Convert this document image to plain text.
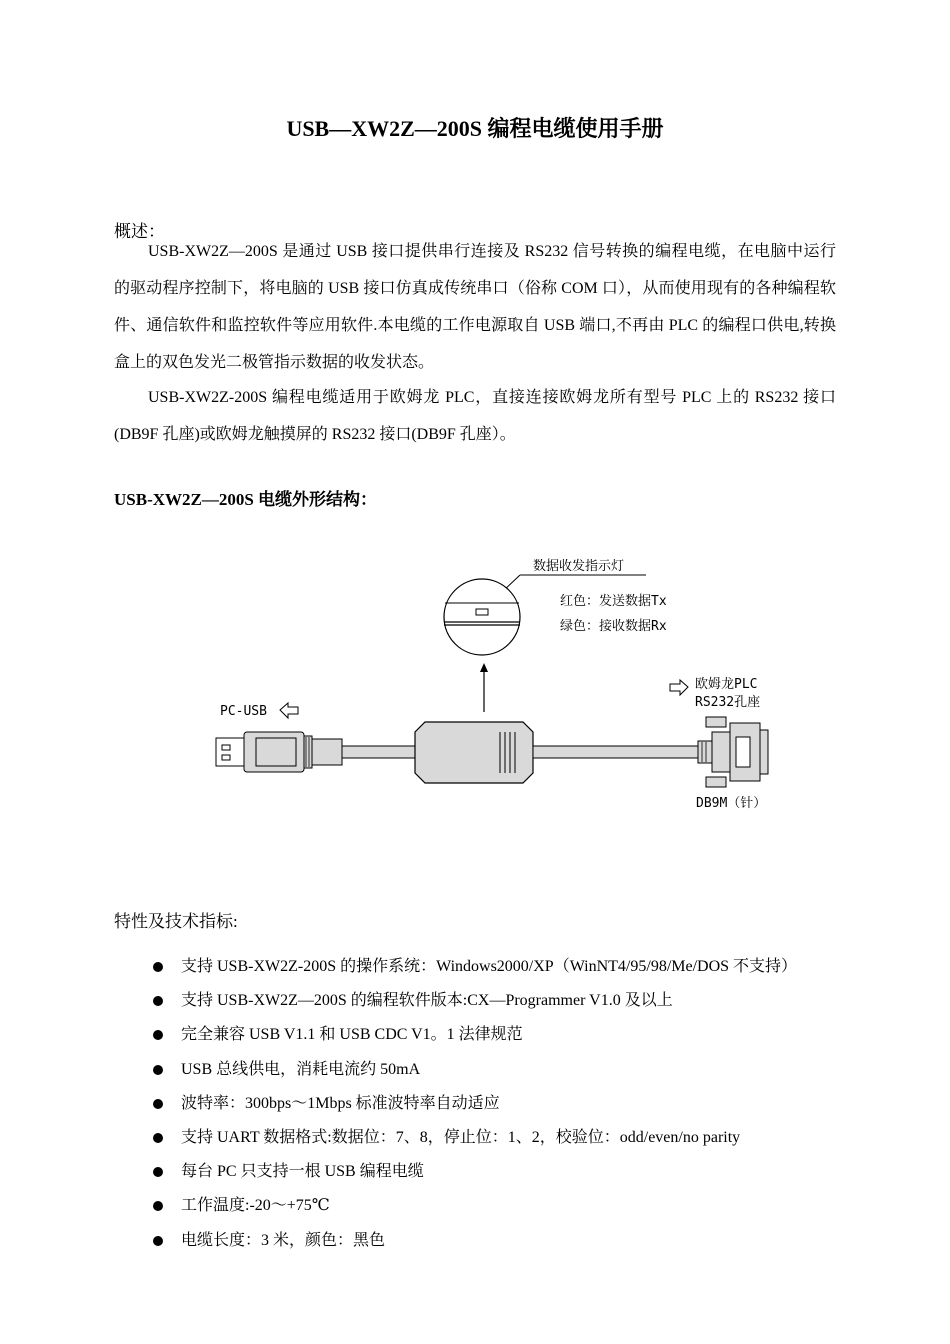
USB—XW2Z—200S 编程电缆使用手册
概述：

USB-XW2Z—200S 是通过 USB 接口提供串行连接及 RS232 信号转换的编程电缆，在电脑中运行的驱动程序控制下，将电脑的 USB 接口仿真成传统串口（俗称 COM 口），从而使用现有的各种编程软件、通信软件和监控软件等应用软件.本电缆的工作电源取自 USB 端口,不再由 PLC 的编程口供电,转换盒上的双色发光二极管指示数据的收发状态。

USB-XW2Z-200S 编程电缆适用于欧姆龙 PLC，直接连接欧姆龙所有型号 PLC 上的 RS232 接口(DB9F 孔座)或欧姆龙触摸屏的 RS232 接口(DB9F 孔座）。

USB-XW2Z—200S 电缆外形结构：
数据收发指示灯
红色：发送数据Tx
绿色：接收数据Rx
PC-USB
欧姆龙PLC
RS232孔座
DB9M（针）
特性及技术指标:
支持 USB-XW2Z-200S 的操作系统：Windows2000/XP（WinNT4/95/98/Me/DOS 不支持）
支持 USB-XW2Z—200S 的编程软件版本:CX—Programmer V1.0 及以上
完全兼容 USB V1.1 和 USB CDC V1。1 法律规范
USB 总线供电，消耗电流约 50mA
波特率：300bps～1Mbps 标准波特率自动适应
支持 UART 数据格式:数据位：7、8，停止位：1、2，校验位：odd/even/no parity
每台 PC 只支持一根 USB 编程电缆
工作温度:-20～+75℃
电缆长度：3 米，颜色：黑色
